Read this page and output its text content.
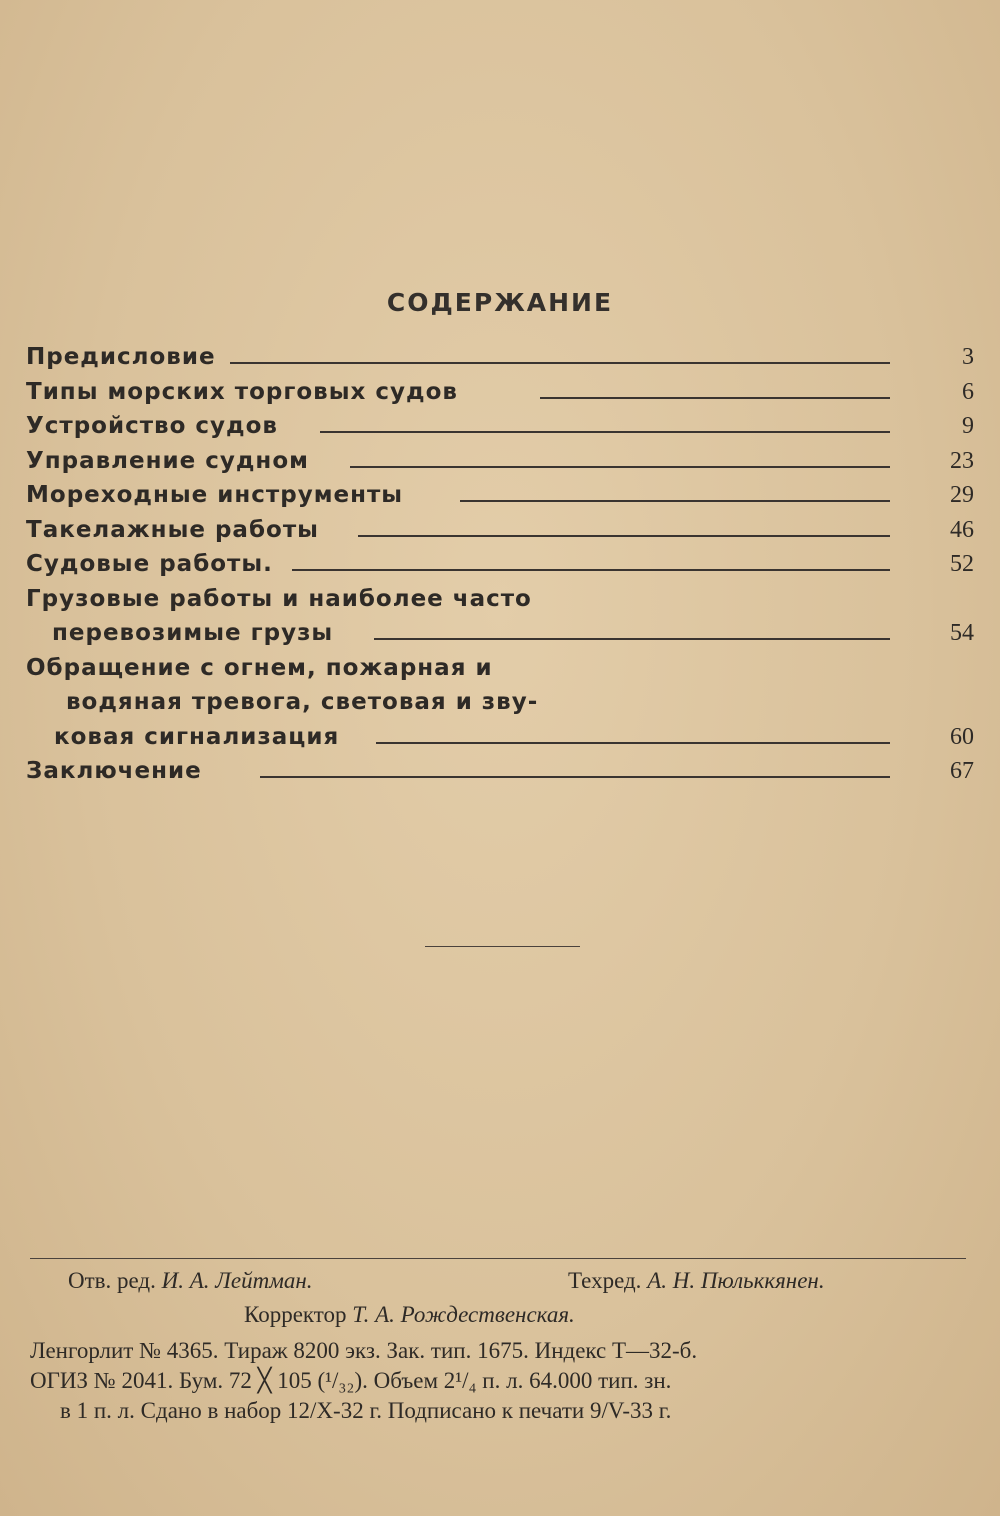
СОДЕРЖАНИЕ
Предисловие	3
Типы морских торговых судов	6
Устройство судов	9
Управление судном	23
Мореходные инструменты	29
Такелажные работы	46
Судовые работы.	52
Грузовые работы и наиболее часто
перевозимые грузы	54
Обращение с огнем, пожарная и
водяная тревога, световая и зву-
ковая сигнализация	60
Заключение	67
Отв. ред. И. А. Лейтман.	Техред. А. Н. Пюльккянен.
Корректор Т. А. Рождественская.
Ленгорлит № 4365. Тираж 8200 экз. Зак. тип. 1675. Индекс Т—32-б.
ОГИЗ № 2041. Бум. 72 ╳ 105 (¹/₃₂). Объем 2¹/₄ п. л. 64.000 тип. зн.
в 1 п. л. Сдано в набор 12/X-32 г. Подписано к печати 9/V-33 г.
